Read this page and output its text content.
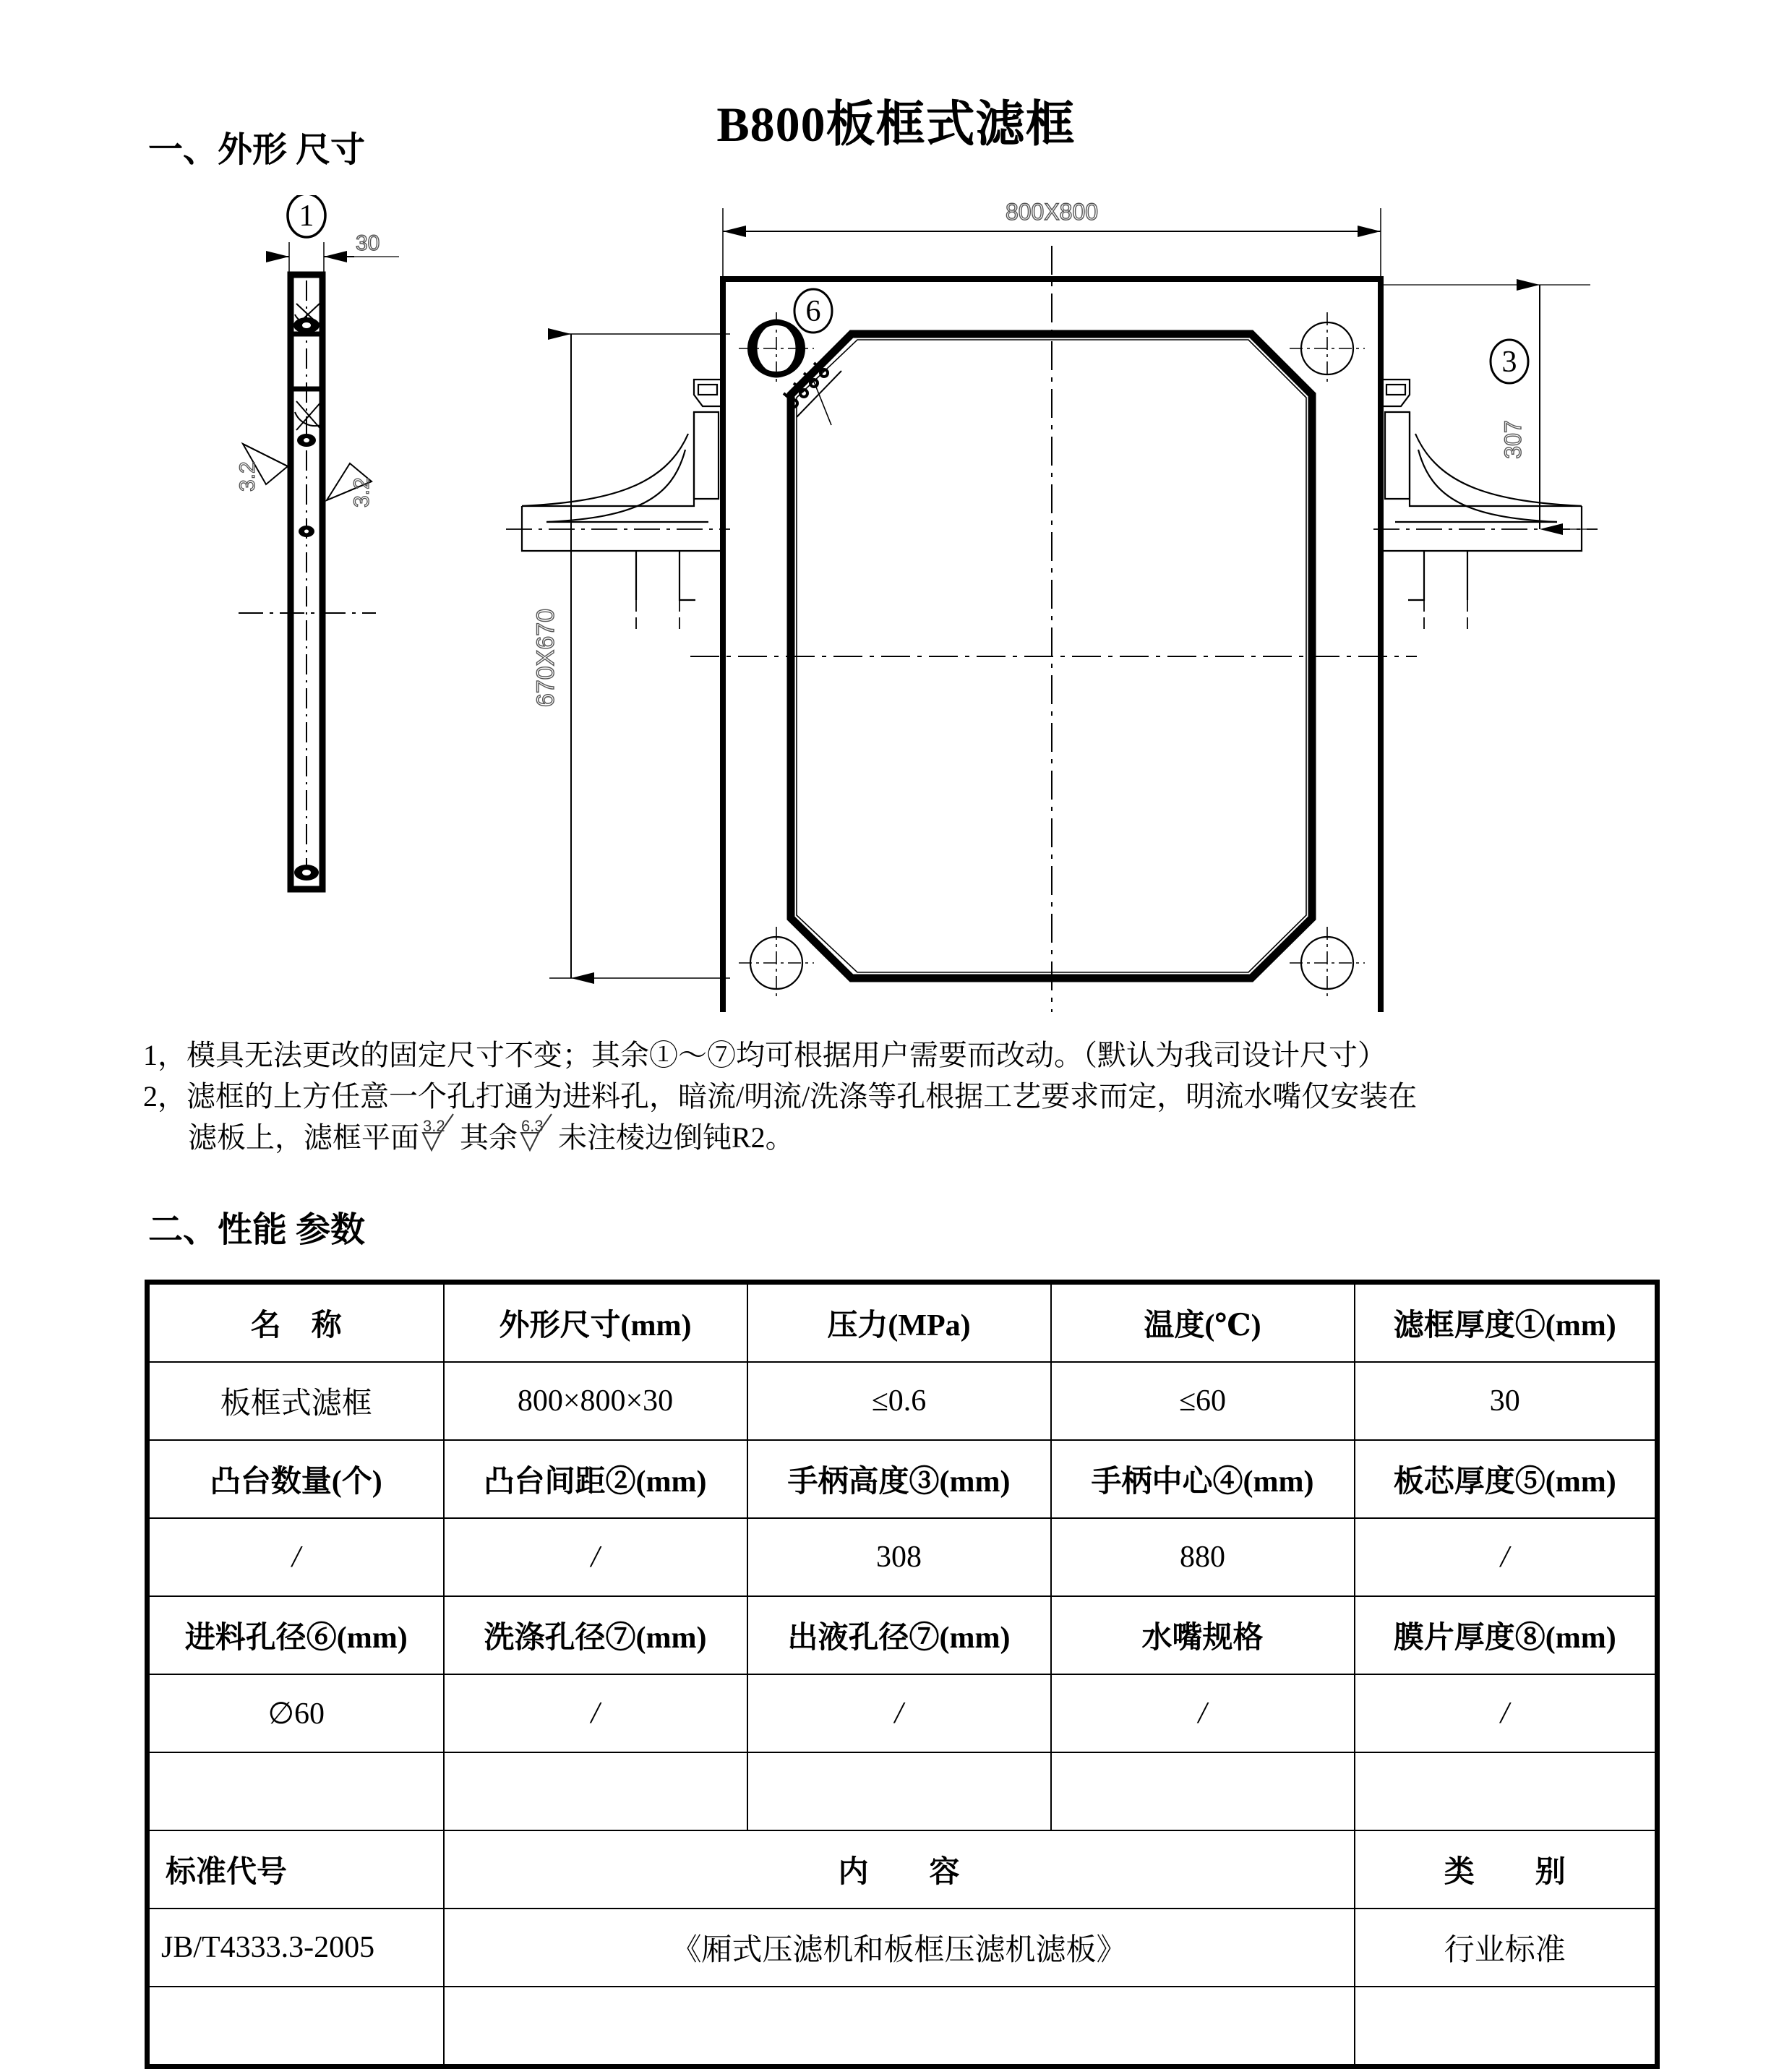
B800板框式滤框
一、外形 尺寸
30
1
3.2
3.2
800X800
6
670X670
307
3
1，模具无法更改的固定尺寸不变；其余①～⑦均可根据用户需要而改动。（默认为我司设计尺寸）
2，滤框的上方任意一个孔打通为进料孔，暗流/明流/洗涤等孔根据工艺要求而定，明流水嘴仅安装在
滤板上，滤框平面 3.2 其余 6.3 未注棱边倒钝R2。
二、性能 参数
名　称	外形尺寸(mm)	压力(MPa)	温度(℃)	滤框厚度①(mm)
板框式滤框	800×800×30	≤0.6	≤60	30
凸台数量(个)	凸台间距②(mm)	手柄高度③(mm)	手柄中心④(mm)	板芯厚度⑤(mm)
/	/	308	880	/
进料孔径⑥(mm)	洗涤孔径⑦(mm)	出液孔径⑦(mm)	水嘴规格	膜片厚度⑧(mm)
∅60	/	/	/	/

标准代号	内　　容			类　　别
JB/T4333.3-2005	《厢式压滤机和板框压滤机滤板》			行业标准
